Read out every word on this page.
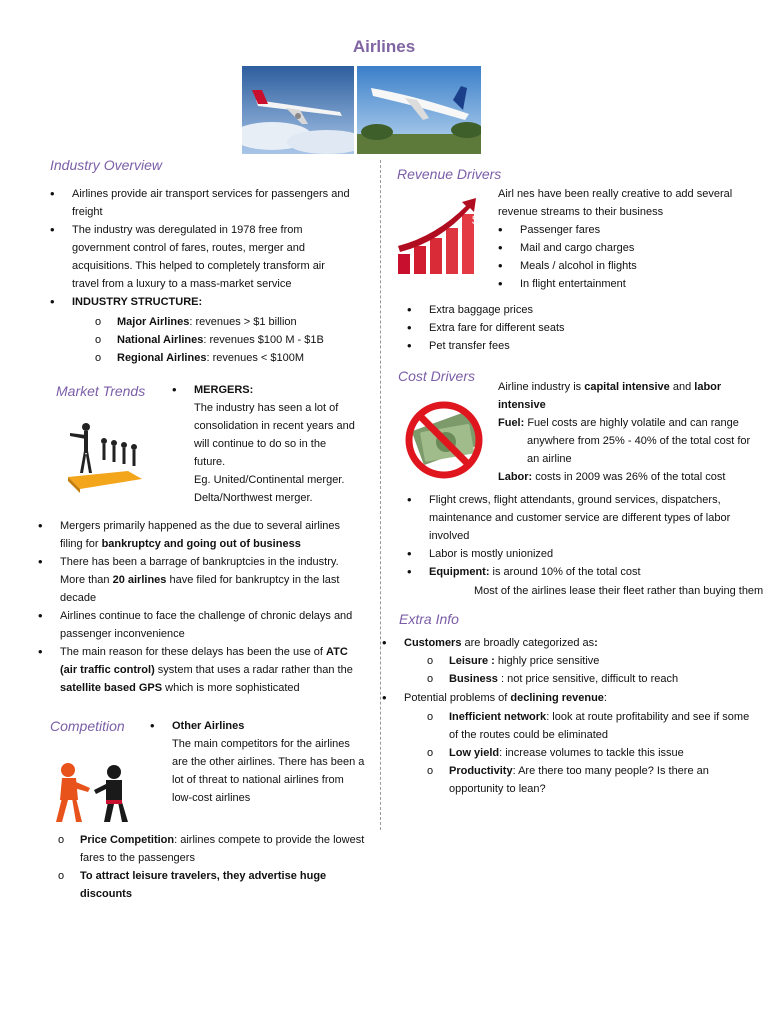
Airlines
Industry Overview
• Airlines provide air transport services for passengers and freight
• The industry was deregulated in 1978 free from government control of fares, routes, merger and acquisitions. This helped to completely transform air travel from a luxury to a mass-market service
• INDUSTRY STRUCTURE:
o Major Airlines: revenues > $1 billion
o National Airlines: revenues $100 M - $1B
o Regional Airlines: revenues < $100M
Market Trends	• MERGERS:
The industry has seen a lot of consolidation in recent years and will continue to do so in the future.
Eg. United/Continental merger.
Delta/Northwest merger.
• Mergers primarily happened as the due to several airlines filing for bankruptcy and going out of business
• There has been a barrage of bankruptcies in the industry. More than 20 airlines have filed for bankruptcy in the last decade
• Airlines continue to face the challenge of chronic delays and passenger inconvenience
• The main reason for these delays has been the use of ATC (air traffic control) system that uses a radar rather than the satellite based GPS which is more sophisticated
Competition	• Other Airlines
The main competitors for the airlines are the other airlines. There has been a lot of threat to national airlines from low-cost airlines
o Price Competition: airlines compete to provide the lowest fares to the passengers
o To attract leisure travelers, they advertise huge discounts
Revenue Drivers
$
Airl nes have been really creative to add several revenue streams to their business
• Passenger fares
• Mail and cargo charges
• Meals / alcohol in flights
• In flight entertainment
• Extra baggage prices
• Extra fare for different seats
• Pet transfer fees
Cost Drivers
Airline industry is capital intensive and labor intensive
Fuel: Fuel costs are highly volatile and can range anywhere from 25% - 40% of the total cost for an airline
Labor: costs in 2009 was 26% of the total cost
• Flight crews, flight attendants, ground services, dispatchers, maintenance and customer service are different types of labor involved
• Labor is mostly unionized
• Equipment: is around 10% of the total cost
o Most of the airlines lease their fleet rather than buying them
Extra Info
• Customers are broadly categorized as:
o Leisure : highly price sensitive
o Business : not price sensitive, difficult to reach
• Potential problems of declining revenue:
o Inefficient network: look at route profitability and see if some of the routes could be eliminated
o Low yield: increase volumes to tackle this issue
o Productivity: Are there too many people? Is there an opportunity to lean?
